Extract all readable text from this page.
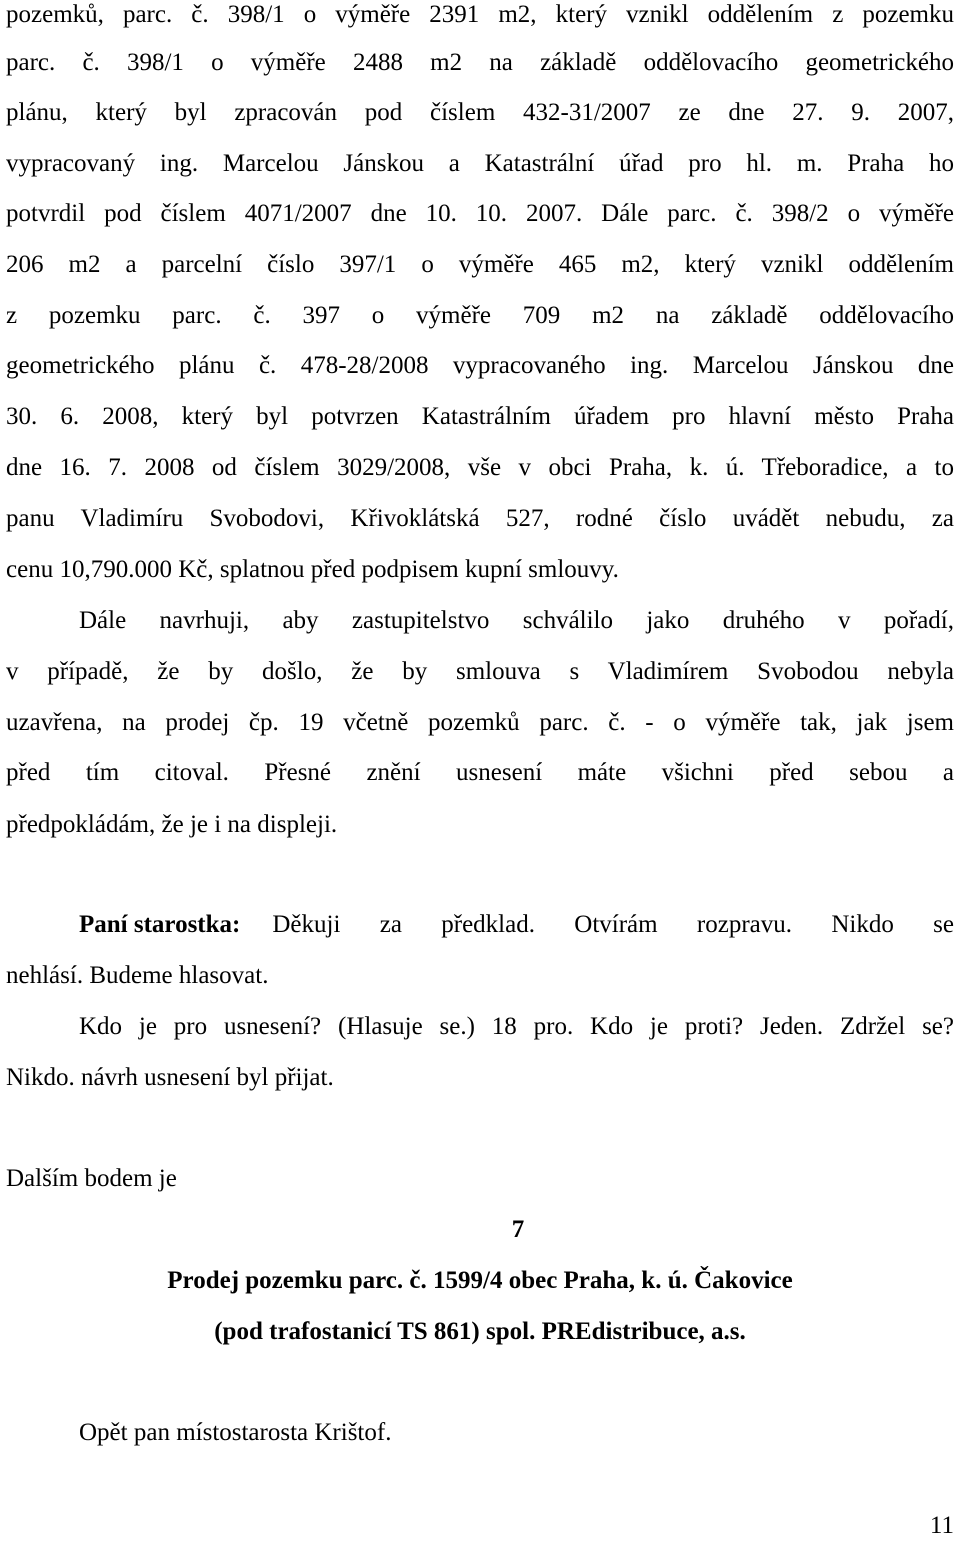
pozemků, parc. č. 398/1 o výměře 2391 m2, který vznikl oddělením z pozemku
parc. č. 398/1 o výměře 2488 m2 na základě oddělovacího geometrického
plánu, který byl zpracován pod číslem 432-31/2007 ze dne 27. 9. 2007,
vypracovaný ing. Marcelou Jánskou a Katastrální úřad pro hl. m. Praha ho
potvrdil pod číslem 4071/2007 dne 10. 10. 2007. Dále parc. č. 398/2 o výměře
206 m2 a parcelní číslo 397/1 o výměře 465 m2, který vznikl oddělením
z pozemku parc. č. 397 o výměře 709 m2 na základě oddělovacího
geometrického plánu č. 478-28/2008 vypracovaného ing. Marcelou Jánskou dne
30. 6. 2008, který byl potvrzen Katastrálním úřadem pro hlavní město Praha
dne 16. 7. 2008 od číslem 3029/2008, vše v obci Praha, k. ú. Třeboradice, a to
panu Vladimíru Svobodovi, Křivoklátská 527, rodné číslo uvádět nebudu, za
cenu 10,790.000 Kč, splatnou před podpisem kupní smlouvy.
Dále navrhuji, aby zastupitelstvo schválilo jako druhého v pořadí,
v případě, že by došlo, že by smlouva s Vladimírem Svobodou nebyla
uzavřena, na prodej čp. 19 včetně pozemků parc. č. - o výměře tak, jak jsem
před tím citoval. Přesné znění usnesení máte všichni před sebou a
předpokládám, že je i na displeji.
Paní starostka: Děkuji za předklad. Otvírám rozpravu. Nikdo se
nehlásí. Budeme hlasovat.
Kdo je pro usnesení? (Hlasuje se.) 18 pro. Kdo je proti? Jeden. Zdržel se?
Nikdo. návrh usnesení byl přijat.
Dalším bodem je
7
Prodej pozemku parc. č. 1599/4 obec Praha, k. ú. Čakovice
(pod trafostanicí TS 861) spol. PREdistribuce, a.s.
Opět pan místostarosta Krištof.
11
